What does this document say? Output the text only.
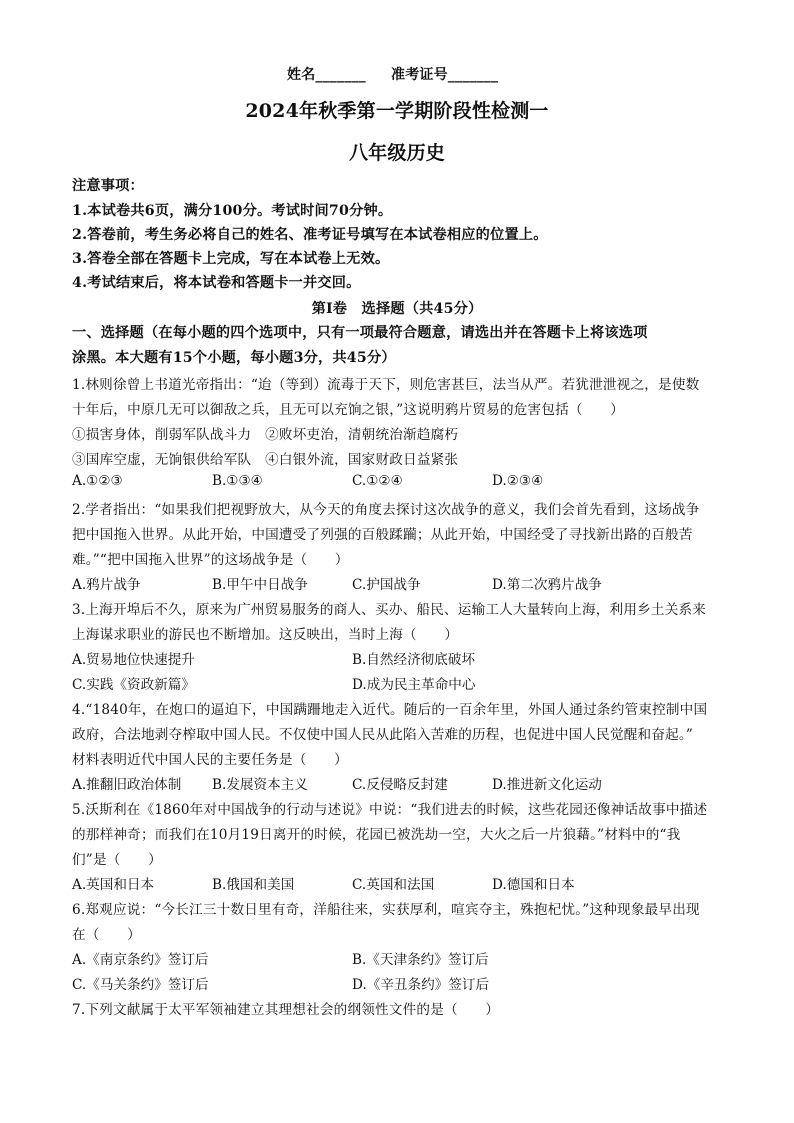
姓名_______ 准考证号_______
2024年秋季第一学期阶段性检测一
八年级历史
注意事项：
1.本试卷共6页，满分100分。考试时间70分钟。
2.答卷前，考生务必将自己的姓名、准考证号填写在本试卷相应的位置上。
3.答卷全部在答题卡上完成，写在本试卷上无效。
4.考试结束后，将本试卷和答题卡一并交回。
第Ⅰ卷　选择题（共45分）
一、选择题（在每小题的四个选项中，只有一项最符合题意，请选出并在答题卡上将该选项
涂黑。本大题有15个小题，每小题3分，共45分）
1.林则徐曾上书道光帝指出：“迨（等到）流毒于天下，则危害甚巨，法当从严。若犹泄泄视之，是使数
十年后，中原几无可以御敌之兵，且无可以充饷之银，”这说明鸦片贸易的危害包括（　　）
①损害身体，削弱军队战斗力　②败坏吏治，清朝统治渐趋腐朽
③国库空虚，无饷银供给军队　④白银外流，国家财政日益紧张
A.①②③	B.①③④	C.①②④	D.②③④
2.学者指出：“如果我们把视野放大，从今天的角度去探讨这次战争的意义，我们会首先看到，这场战争
把中国拖入世界。从此开始，中国遭受了列强的百般蹂躏；从此开始，中国经受了寻找新出路的百般苦
难。”“把中国拖入世界”的这场战争是（　　）
A.鸦片战争	B.甲午中日战争	C.护国战争	D.第二次鸦片战争
3.上海开埠后不久，原来为广州贸易服务的商人、买办、船民、运输工人大量转向上海，利用乡土关系来
上海谋求职业的游民也不断增加。这反映出，当时上海（　　）
A.贸易地位快速提升	B.自然经济彻底破坏
C.实践《资政新篇》	D.成为民主革命中心
4.“1840年，在炮口的逼迫下，中国蹒跚地走入近代。随后的一百余年里，外国人通过条约管束控制中国
政府，合法地剥夺榨取中国人民。不仅使中国人民从此陷入苦难的历程，也促进中国人民觉醒和奋起。”
材料表明近代中国人民的主要任务是（　　）
A.推翻旧政治体制 B.发展资本主义	C.反侵略反封建	D.推进新文化运动
5.沃斯利在《1860年对中国战争的行动与述说》中说：“我们进去的时候，这些花园还像神话故事中描述
的那样神奇；而我们在10月19日离开的时候，花园已被洗劫一空，大火之后一片狼藉。”材料中的“我
们”是（　　）
A.英国和日本	B.俄国和美国	C.英国和法国	D.德国和日本
6.郑观应说：“今长江三十数日里有奇，洋船往来，实获厚利，喧宾夺主，殊抱杞忧。”这种现象最早出现
在（　　）
A.《南京条约》签订后	B.《天津条约》签订后
C.《马关条约》签订后	D.《辛丑条约》签订后
7.下列文献属于太平军领袖建立其理想社会的纲领性文件的是（　　）
